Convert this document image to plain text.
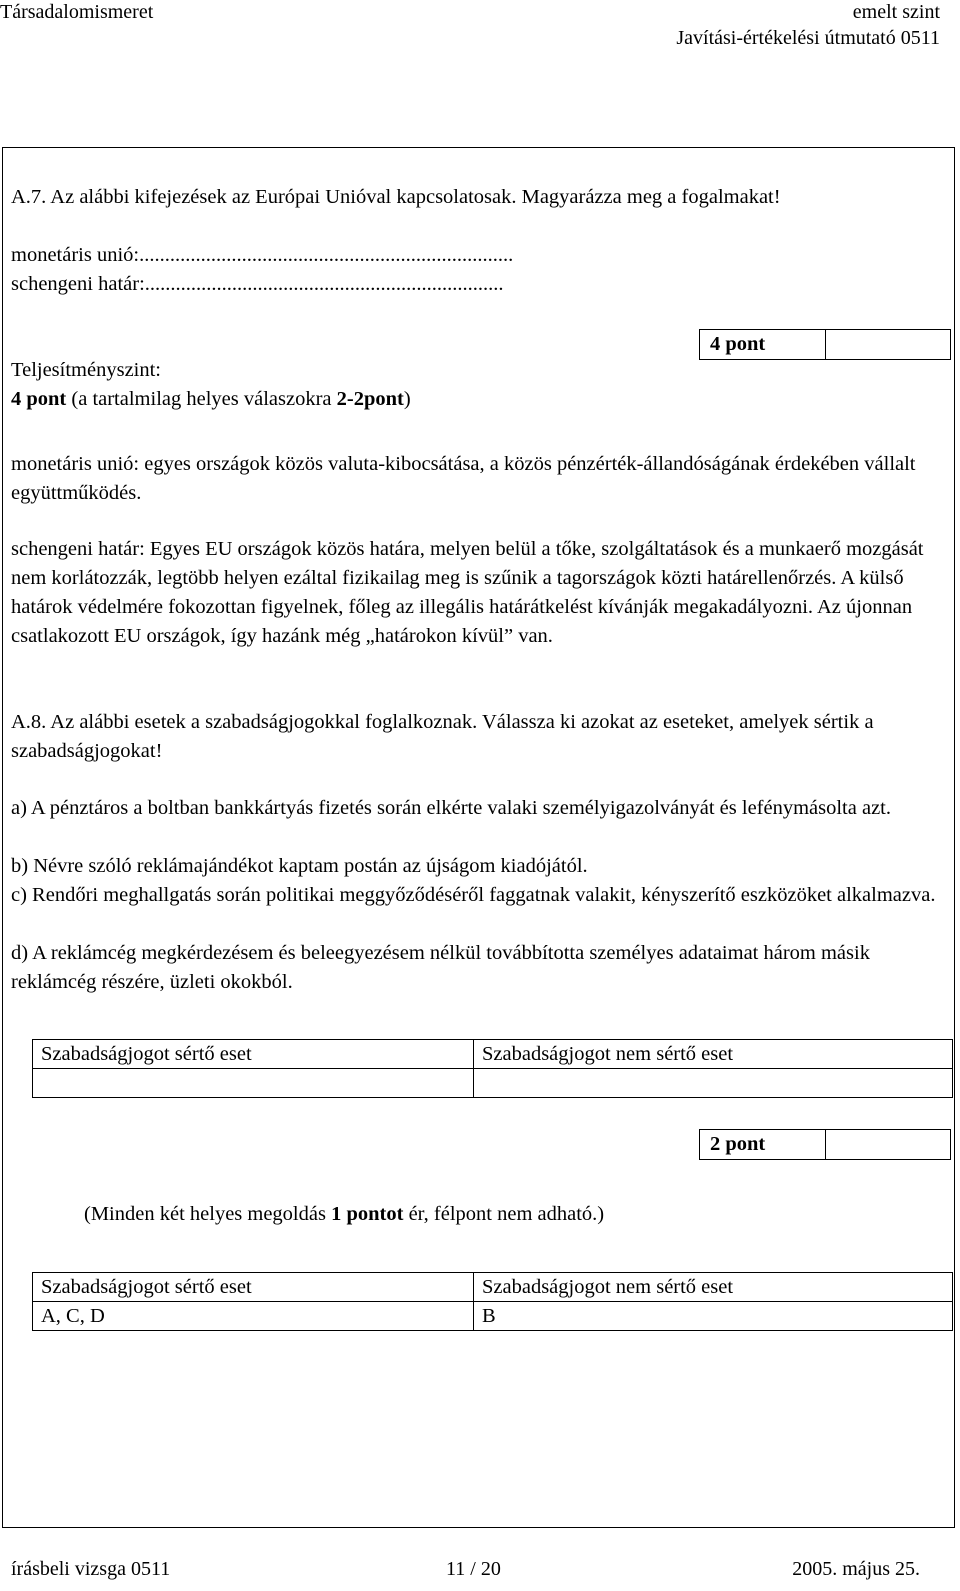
Társadalomismeret	emelt szint
Javítási-értékelési útmutató 0511
A.7. Az alábbi kifejezések az Európai Unióval kapcsolatosak. Magyarázza meg a fogalmakat!
monetáris unió:.........................................................................
schengeni határ:......................................................................
4 pont
Teljesítményszint:
4 pont (a tartalmilag helyes válaszokra 2-2pont)
monetáris unió: egyes országok közös valuta-kibocsátása, a közös pénzérték-állandóságának érdekében vállalt együttműködés.
schengeni határ: Egyes EU országok közös határa, melyen belül a tőke, szolgáltatások és a munkaerő mozgását nem korlátozzák, legtöbb helyen ezáltal fizikailag meg is szűnik a tagországok közti határellenőrzés. A külső határok védelmére fokozottan figyelnek, főleg az illegális határátkelést kívánják megakadályozni. Az újonnan csatlakozott EU országok, így hazánk még „határokon kívül” van.
A.8. Az alábbi esetek a szabadságjogokkal foglalkoznak. Válassza ki azokat az eseteket, amelyek sértik a szabadságjogokat!
a) A pénztáros a boltban bankkártyás fizetés során elkérte valaki személyigazolványát és lefénymásolta azt.
b) Névre szóló reklámajándékot kaptam postán az újságom kiadójától.
c) Rendőri meghallgatás során politikai meggyőződéséről faggatnak valakit, kényszerítő eszközöket alkalmazva.
d) A reklámcég megkérdezésem és beleegyezésem nélkül továbbította személyes adataimat három másik reklámcég részére, üzleti okokból.
Szabadságjogot sértő eset	Szabadságjogot nem sértő eset

2 pont
(Minden két helyes megoldás 1 pontot ér, félpont nem adható.)
Szabadságjogot sértő eset	Szabadságjogot nem sértő eset
A, C, D	B
írásbeli vizsga 0511	11 / 20	2005. május 25.
